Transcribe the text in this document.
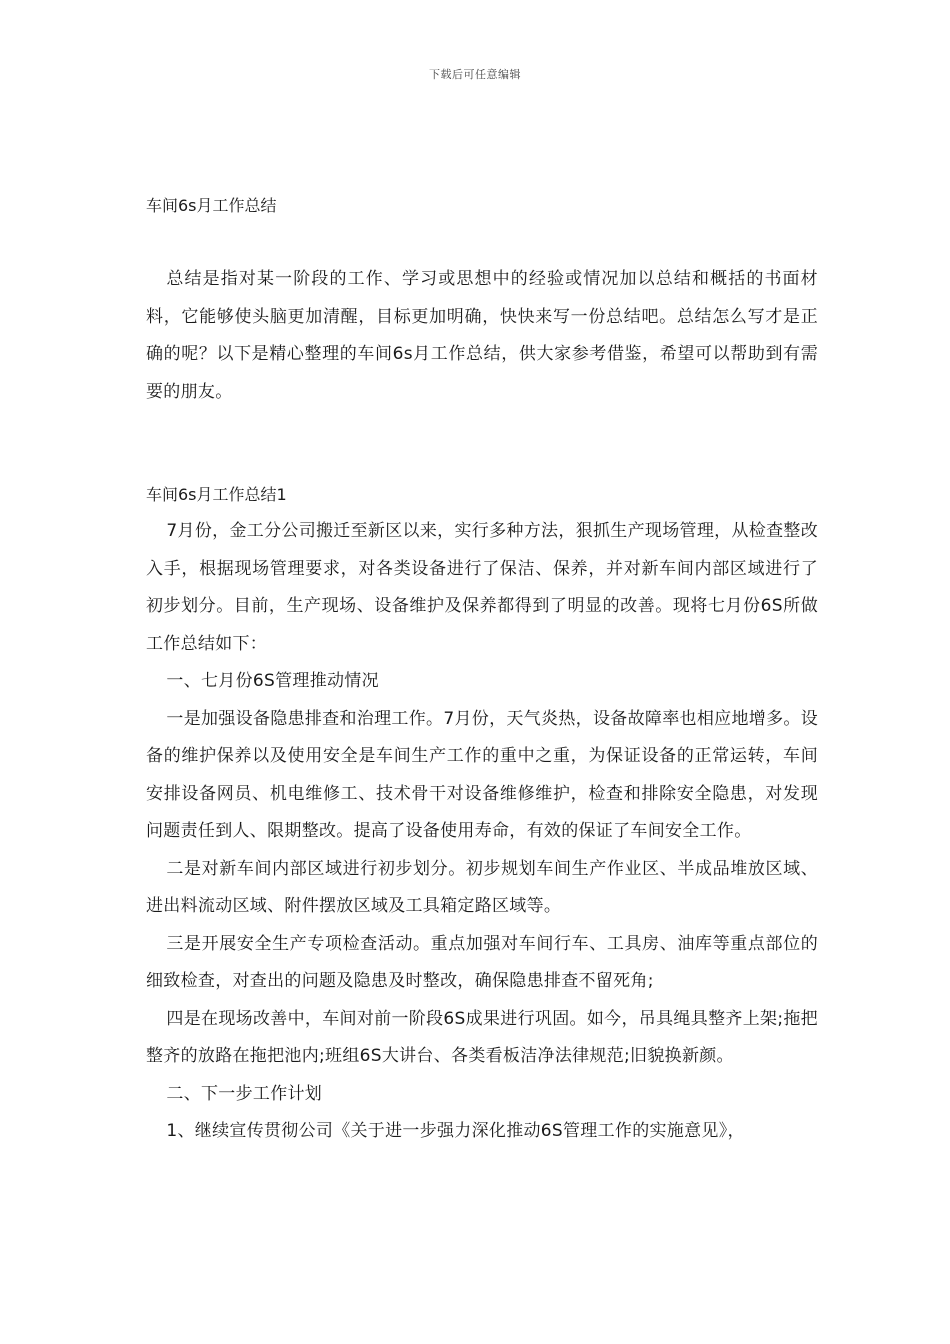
下载后可任意编辑

车间6s月工作总结

总结是指对某一阶段的工作、学习或思想中的经验或情况加以总结和概括的书面材料，它能够使头脑更加清醒，目标更加明确，快快来写一份总结吧。总结怎么写才是正确的呢？以下是精心整理的车间6s月工作总结，供大家参考借鉴，希望可以帮助到有需要的朋友。

车间6s月工作总结1

7月份，金工分公司搬迁至新区以来，实行多种方法，狠抓生产现场管理，从检查整改入手，根据现场管理要求，对各类设备进行了保洁、保养，并对新车间内部区域进行了初步划分。目前，生产现场、设备维护及保养都得到了明显的改善。现将七月份6S所做工作总结如下：

一、七月份6S管理推动情况

一是加强设备隐患排查和治理工作。7月份，天气炎热，设备故障率也相应地增多。设备的维护保养以及使用安全是车间生产工作的重中之重，为保证设备的正常运转，车间安排设备网员、机电维修工、技术骨干对设备维修维护，检查和排除安全隐患，对发现问题责任到人、限期整改。提高了设备使用寿命，有效的保证了车间安全工作。

二是对新车间内部区域进行初步划分。初步规划车间生产作业区、半成品堆放区域、进出料流动区域、附件摆放区域及工具箱定路区域等。

三是开展安全生产专项检查活动。重点加强对车间行车、工具房、油库等重点部位的细致检查，对查出的问题及隐患及时整改，确保隐患排查不留死角;

四是在现场改善中，车间对前一阶段6S成果进行巩固。如今，吊具绳具整齐上架;拖把整齐的放路在拖把池内;班组6S大讲台、各类看板洁净法律规范;旧貌换新颜。

二、下一步工作计划

1、继续宣传贯彻公司《关于进一步强力深化推动6S管理工作的实施意见》，
